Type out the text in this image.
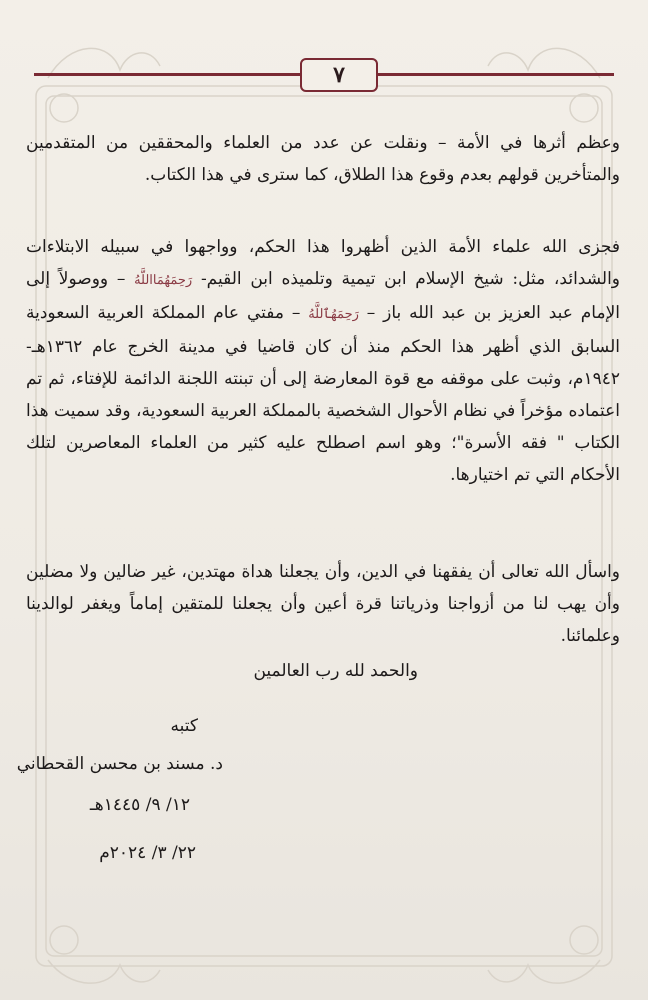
٧

وعظم أثرها في الأمة – ونقلت عن عدد من العلماء والمحققين من المتقدمين والمتأخرين قولهم بعدم وقوع هذا الطلاق، كما سترى في هذا الكتاب.

فجزى الله علماء الأمة الذين أظهروا هذا الحكم، وواجهوا في سبيله الابتلاءات والشدائد، مثل: شيخ الإسلام ابن تيمية وتلميذه ابن القيم- رَحِمَهُمَااللَّهُ – ووصولاً إلى الإمام عبد العزيز بن عبد الله باز – رَحِمَهُٱللَّهُ – مفتي عام المملكة العربية السعودية السابق الذي أظهر هذا الحكم منذ أن كان قاضيا في مدينة الخرج عام ١٣٦٢هـ- ١٩٤٢م، وثبت على موقفه مع قوة المعارضة إلى أن تبنته اللجنة الدائمة للإفتاء، ثم تم اعتماده مؤخراً في نظام الأحوال الشخصية بالمملكة العربية السعودية، وقد سميت هذا الكتاب " فقه الأسرة"؛ وهو اسم اصطلح عليه كثير من العلماء المعاصرين لتلك الأحكام التي تم اختيارها.

واسأل الله تعالى أن يفقهنا في الدين، وأن يجعلنا هداة مهتدين، غير ضالين ولا مضلين وأن يهب لنا من أزواجنا وذرياتنا قرة أعين وأن يجعلنا للمتقين إماماً ويغفر لوالدينا وعلمائنا.

والحمد لله رب العالمين
كتبه
د. مسند بن محسن القحطاني
١٢/ ٩/ ١٤٤٥هـ
٢٢/ ٣/ ٢٠٢٤م
